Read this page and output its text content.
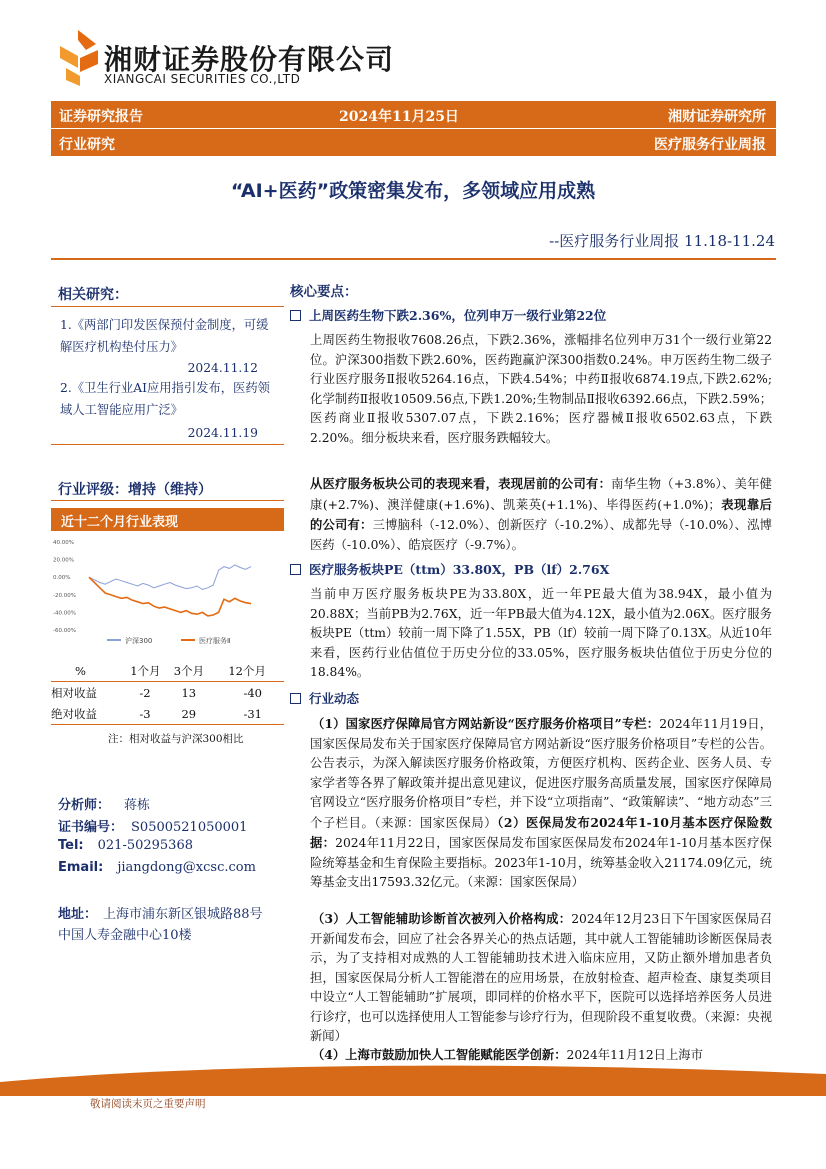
湘财证券股份有限公司
XIANGCAI SECURITIES CO.,LTD
证券研究报告	2024年11月25日	湘财证券研究所
行业研究	医疗服务行业周报
“AI+医药”政策密集发布，多领域应用成熟
--医疗服务行业周报 11.18-11.24
相关研究：
1.《两部门印发医保预付金制度，可缓解医疗机构垫付压力》
2024.11.12
2.《卫生行业AI应用指引发布，医药领域人工智能应用广泛》
2024.11.19
行业评级：增持（维持）
近十二个月行业表现
40.00%
20.00%
0.00%
-20.00%
-40.00%
-60.00%
沪深300	医疗服务Ⅱ
%	1个月	3个月	12个月
相对收益	-2	13	-40
绝对收益	-3	29	-31
注：相对收益与沪深300相比
分析师： 蒋栋
证书编号： S0500521050001
Tel: 021-50295368
Email: jiangdong@xcsc.com
地址： 上海市浦东新区银城路88号
中国人寿金融中心10楼
核心要点：
上周医药生物下跌2.36%，位列申万一级行业第22位
上周医药生物报收7608.26点，下跌2.36%，涨幅排名位列申万31个一级行业第22位。沪深300指数下跌2.60%，医药跑赢沪深300指数0.24%。申万医药生物二级子行业医疗服务Ⅱ报收5264.16点，下跌4.54%；中药Ⅱ报收6874.19点,下跌2.62%;化学制药Ⅱ报收10509.56点,下跌1.20%;生物制品Ⅱ报收6392.66点，下跌2.59%；医药商业Ⅱ报收5307.07点，下跌2.16%；医疗器械Ⅱ报收6502.63点，下跌2.20%。细分板块来看，医疗服务跌幅较大。
从医疗服务板块公司的表现来看，表现居前的公司有：南华生物（+3.8%）、美年健康(+2.7%)、澳洋健康(+1.6%)、凯莱英(+1.1%)、毕得医药(+1.0%)；表现靠后的公司有：三博脑科（-12.0%）、创新医疗（-10.2%）、成都先导（-10.0%）、泓博医药（-10.0%）、皓宸医疗（-9.7%）。
医疗服务板块PE（ttm）33.80X，PB（lf）2.76X
当前申万医疗服务板块PE为33.80X，近一年PE最大值为38.94X，最小值为20.88X；当前PB为2.76X，近一年PB最大值为4.12X，最小值为2.06X。医疗服务板块PE（ttm）较前一周下降了1.55X，PB（lf）较前一周下降了0.13X。从近10年来看，医药行业估值位于历史分位的33.05%，医疗服务板块估值位于历史分位的18.84%。
行业动态
（1）国家医疗保障局官方网站新设“医疗服务价格项目”专栏：2024年11月19日，国家医保局发布关于国家医疗保障局官方网站新设“医疗服务价格项目”专栏的公告。公告表示，为深入解读医疗服务价格政策，方便医疗机构、医药企业、医务人员、专家学者等各界了解政策并提出意见建议，促进医疗服务高质量发展，国家医疗保障局官网设立“医疗服务价格项目”专栏，并下设“立项指南”、“政策解读”、“地方动态”三个子栏目。（来源：国家医保局）（2）医保局发布2024年1-10月基本医疗保险数据：2024年11月22日，国家医保局发布国家医保局发布2024年1-10月基本医疗保险统筹基金和生育保险主要指标。2023年1-10月，统筹基金收入21174.09亿元，统筹基金支出17593.32亿元。（来源：国家医保局）
（3）人工智能辅助诊断首次被列入价格构成：2024年12月23日下午国家医保局召开新闻发布会，回应了社会各界关心的热点话题，其中就人工智能辅助诊断医保局表示，为了支持相对成熟的人工智能辅助技术进入临床应用，又防止额外增加患者负担，国家医保局分析人工智能潜在的应用场景，在放射检查、超声检查、康复类项目中设立“人工智能辅助”扩展项，即同样的价格水平下，医院可以选择培养医务人员进行诊疗，也可以选择使用人工智能参与诊疗行为，但现阶段不重复收费。（来源：央视新闻）
（4）上海市鼓励加快人工智能赋能医学创新：2024年11月12日上海市
敬请阅读末页之重要声明
